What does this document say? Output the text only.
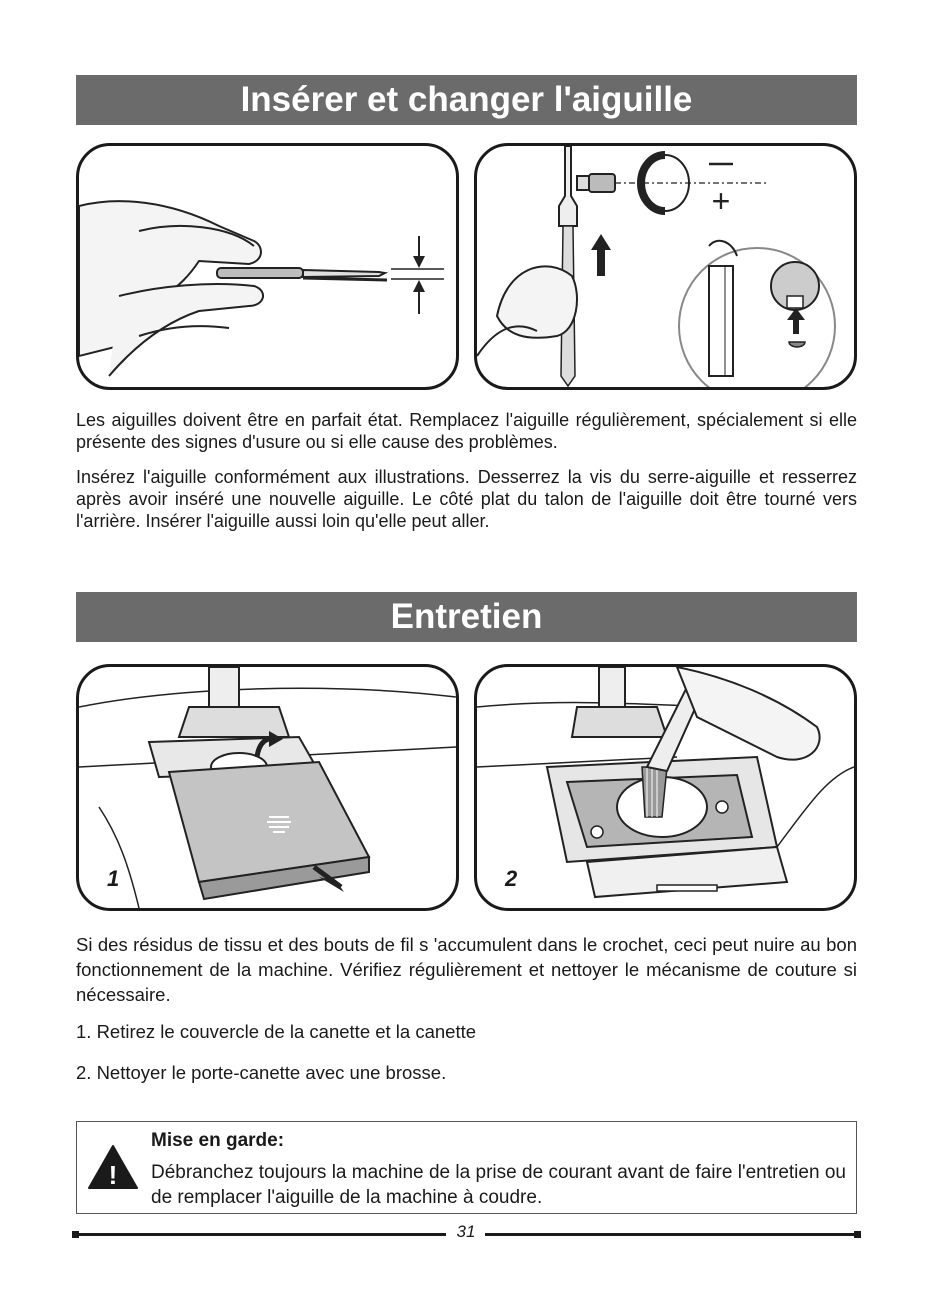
Insérer et changer l'aiguille
+

Les aiguilles doivent être en parfait état. Remplacez l'aiguille régulièrement, spécialement si elle présente des signes d'usure ou si elle cause des problèmes.

Insérez l'aiguille conformément aux illustrations. Desserrez la vis du serre-aiguille et resserrez après avoir inséré une nouvelle aiguille. Le côté plat du talon de l'aiguille doit être tourné vers l'arrière. Insérer l'aiguille aussi loin qu'elle peut aller.

Entretien
1	2

Si des résidus de tissu et des bouts de fil s 'accumulent dans le crochet, ceci peut nuire au bon fonctionnement de la machine. Vérifiez régulièrement et nettoyer le mécanisme de couture si nécessaire.

1. Retirez le couvercle de la canette et la canette

2. Nettoyer le porte-canette avec une brosse.

!
Mise en garde:
Débranchez toujours la machine de la prise de courant avant de faire l'entretien ou de remplacer l'aiguille de la machine à coudre.
31
